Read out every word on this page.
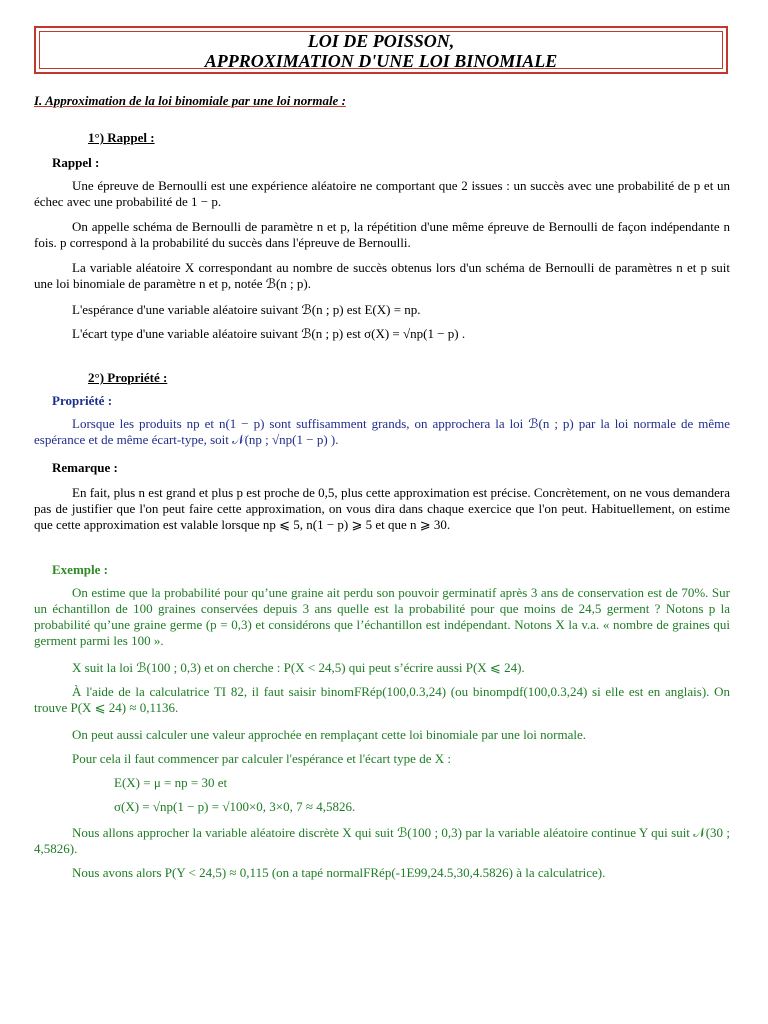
LOI DE POISSON,
APPROXIMATION D'UNE LOI BINOMIALE
I. Approximation de la loi binomiale par une loi normale :
1°) Rappel :
Rappel :

Une épreuve de Bernoulli est une expérience aléatoire ne comportant que 2 issues : un succès avec une probabilité de p et un échec avec une probabilité de 1 − p.

On appelle schéma de Bernoulli de paramètre n et p, la répétition d'une même épreuve de Bernoulli de façon indépendante n fois. p correspond à la probabilité du succès dans l'épreuve de Bernoulli.

La variable aléatoire X correspondant au nombre de succès obtenus lors d'un schéma de Bernoulli de paramètres n et p suit une loi binomiale de paramètre n et p, notée ℬ(n ; p).

L'espérance d'une variable aléatoire suivant ℬ(n ; p) est E(X) = np.
L'écart type d'une variable aléatoire suivant ℬ(n ; p) est σ(X) = √np(1 − p) .
2°) Propriété :
Propriété :

Lorsque les produits np et n(1 − p) sont suffisamment grands, on approchera la loi ℬ(n ; p) par la loi normale de même espérance et de même écart-type, soit 𝒩(np ; √np(1 − p) ).

Remarque :

En fait, plus n est grand et plus p est proche de 0,5, plus cette approximation est précise. Concrètement, on ne vous demandera pas de justifier que l'on peut faire cette approximation, on vous dira dans chaque exercice que l'on peut. Habituellement, on estime que cette approximation est valable lorsque np ⩽ 5, n(1 − p) ⩾ 5 et que n ⩾ 30.

Exemple :

On estime que la probabilité pour qu’une graine ait perdu son pouvoir germinatif après 3 ans de conservation est de 70%. Sur un échantillon de 100 graines conservées depuis 3 ans quelle est la probabilité pour que moins de 24,5 germent ? Notons p la probabilité qu’une graine germe (p = 0,3) et considérons que l’échantillon est indépendant. Notons X la v.a. « nombre de graines qui germent parmi les 100 ».

X suit la loi ℬ(100 ; 0,3) et on cherche : P(X < 24,5) qui peut s’écrire aussi P(X ⩽ 24).

À l'aide de la calculatrice TI 82, il faut saisir binomFRép(100,0.3,24) (ou binompdf(100,0.3,24) si elle est en anglais). On trouve P(X ⩽ 24) ≈ 0,1136.

On peut aussi calculer une valeur approchée en remplaçant cette loi binomiale par une loi normale.
Pour cela il faut commencer par calculer l'espérance et l'écart type de X :
E(X) = μ = np = 30 et
σ(X) = √np(1 − p) = √100×0, 3×0, 7 ≈ 4,5826.

Nous allons approcher la variable aléatoire discrète X qui suit ℬ(100 ; 0,3) par la variable aléatoire continue Y qui suit 𝒩(30 ; 4,5826).

Nous avons alors P(Y < 24,5) ≈ 0,115 (on a tapé normalFRép(-1E99,24.5,30,4.5826) à la calculatrice).
